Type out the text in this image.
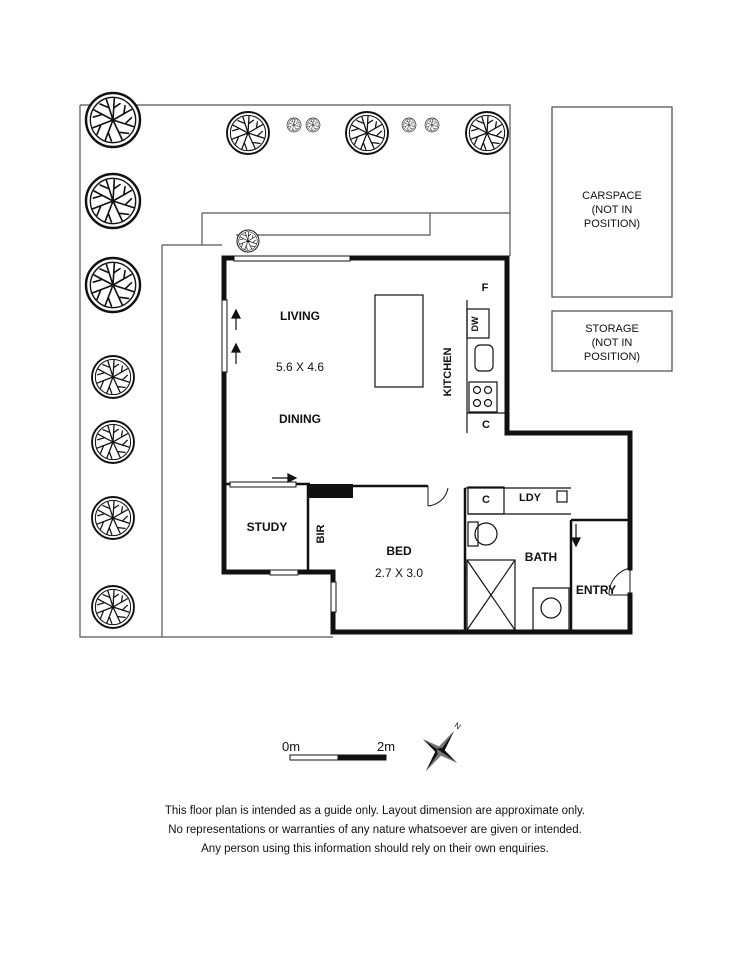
LIVING
5.6 X 4.6
DINING
KITCHEN
F
DW
C
STUDY	BIR
BED
2.7 X 3.0
C	LDY
BATH
ENTRY
CARSPACE
(NOT IN
POSITION)
STORAGE
(NOT IN
POSITION)
0m	2m
N
This floor plan is intended as a guide only. Layout dimension are approximate only.
No representations or warranties of any nature whatsoever are given or intended.
Any person using this information should rely on their own enquiries.
